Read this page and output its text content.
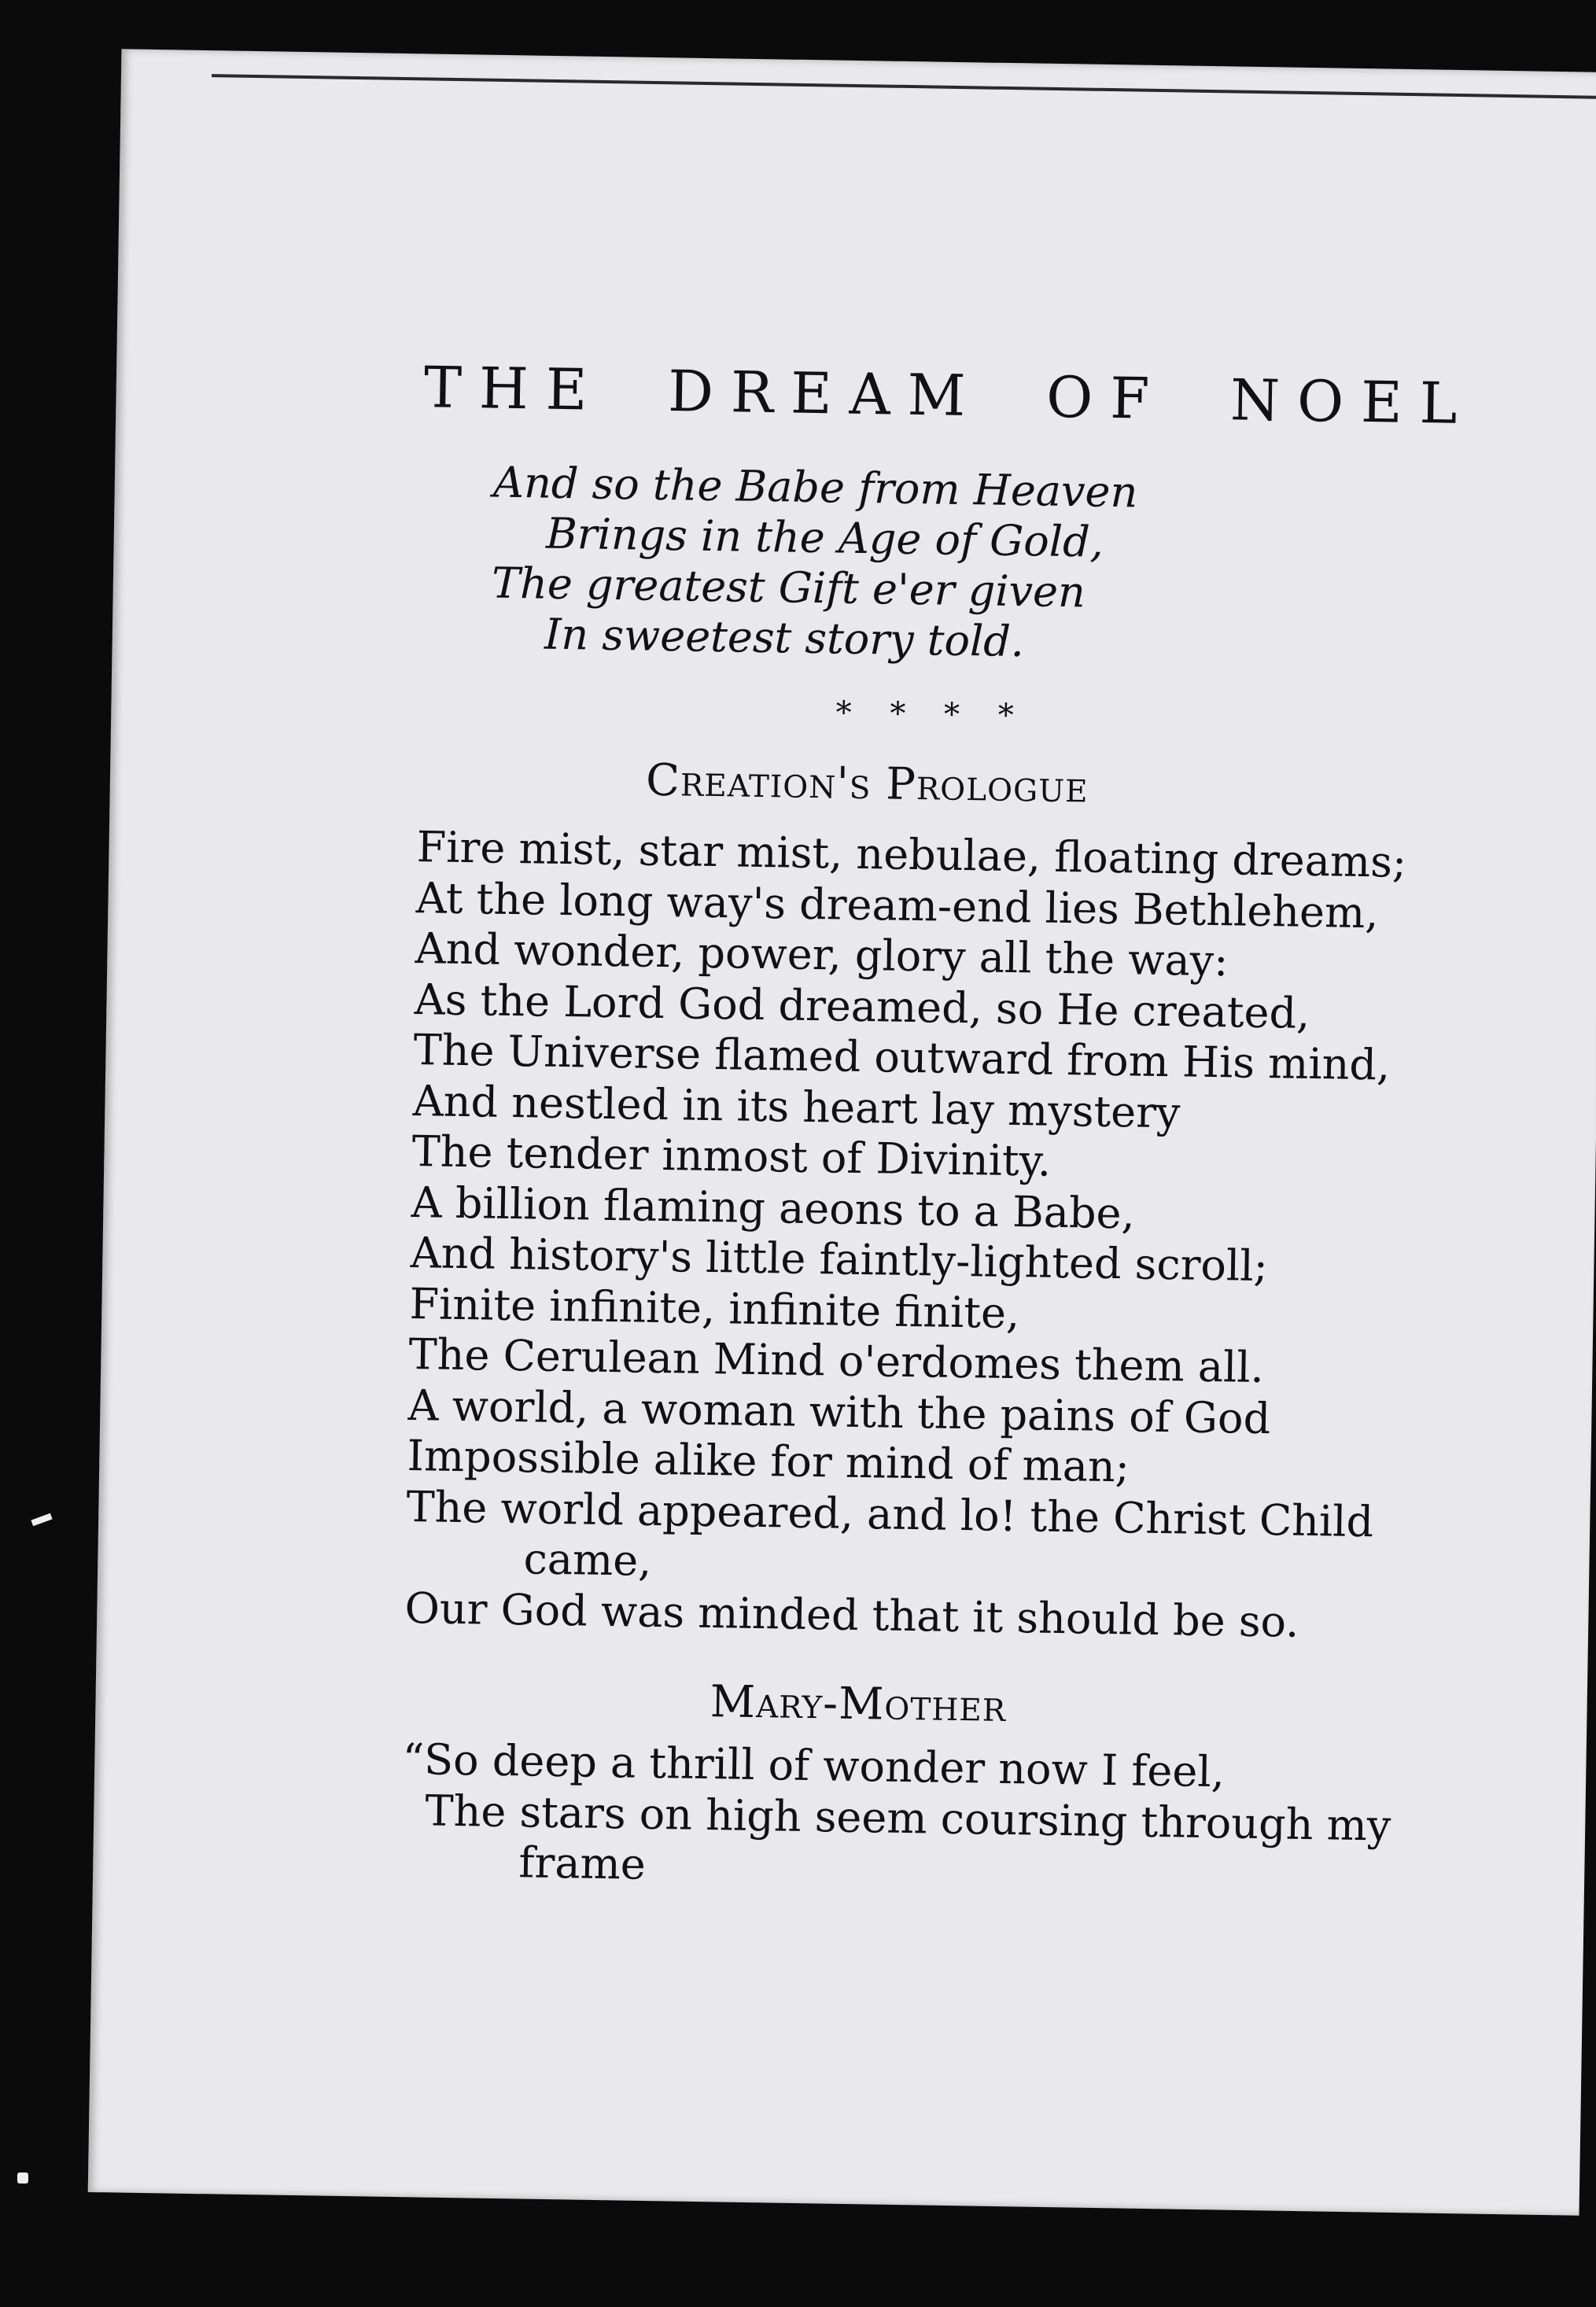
THE DREAM OF NOEL
And so the Babe from Heaven
Brings in the Age of Gold,
The greatest Gift e'er given
In sweetest story told.
* * * *
Creation's Prologue
Fire mist, star mist, nebulae, floating dreams;
At the long way's dream-end lies Bethlehem,
And wonder, power, glory all the way:
As the Lord God dreamed, so He created,
The Universe flamed outward from His mind,
And nestled in its heart lay mystery
The tender inmost of Divinity.
A billion flaming aeons to a Babe,
And history's little faintly-lighted scroll;
Finite infinite, infinite finite,
The Cerulean Mind o'erdomes them all.
A world, a woman with the pains of God
Impossible alike for mind of man;
The world appeared, and lo! the Christ Child
came,
Our God was minded that it should be so.
Mary-Mother
“So deep a thrill of wonder now I feel,
The stars on high seem coursing through my
frame
